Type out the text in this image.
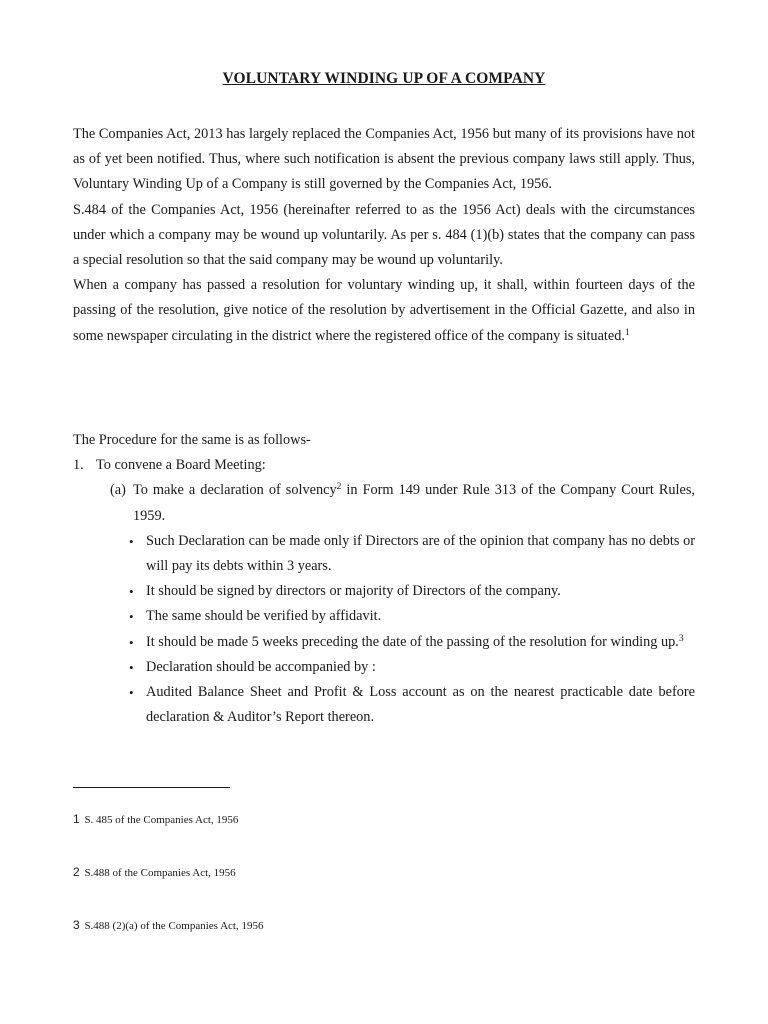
VOLUNTARY WINDING UP OF A COMPANY

The Companies Act, 2013 has largely replaced the Companies Act, 1956 but many of its provisions have not as of yet been notified. Thus, where such notification is absent the previous company laws still apply. Thus, Voluntary Winding Up of a Company is still governed by the Companies Act, 1956.

S.484 of the Companies Act, 1956 (hereinafter referred to as the 1956 Act) deals with the circumstances under which a company may be wound up voluntarily. As per s. 484 (1)(b) states that the company can pass a special resolution so that the said company may be wound up voluntarily.

When a company has passed a resolution for voluntary winding up, it shall, within fourteen days of the passing of the resolution, give notice of the resolution by advertisement in the Official Gazette, and also in some newspaper circulating in the district where the registered office of the company is situated.$^1$

The Procedure for the same is as follows-

1. To convene a Board Meeting:
(a) To make a declaration of solvency$^2$ in Form 149 under Rule 313 of the Company Court Rules, 1959.
• Such Declaration can be made only if Directors are of the opinion that company has no debts or will pay its debts within 3 years.
• It should be signed by directors or majority of Directors of the company.
• The same should be verified by affidavit.
• It should be made 5 weeks preceding the date of the passing of the resolution for winding up.$^3$
• Declaration should be accompanied by :
• Audited Balance Sheet and Profit & Loss account as on the nearest practicable date before declaration & Auditor’s Report thereon.
1 S. 485 of the Companies Act, 1956
2 S.488 of the Companies Act, 1956
3 S.488 (2)(a) of the Companies Act, 1956
